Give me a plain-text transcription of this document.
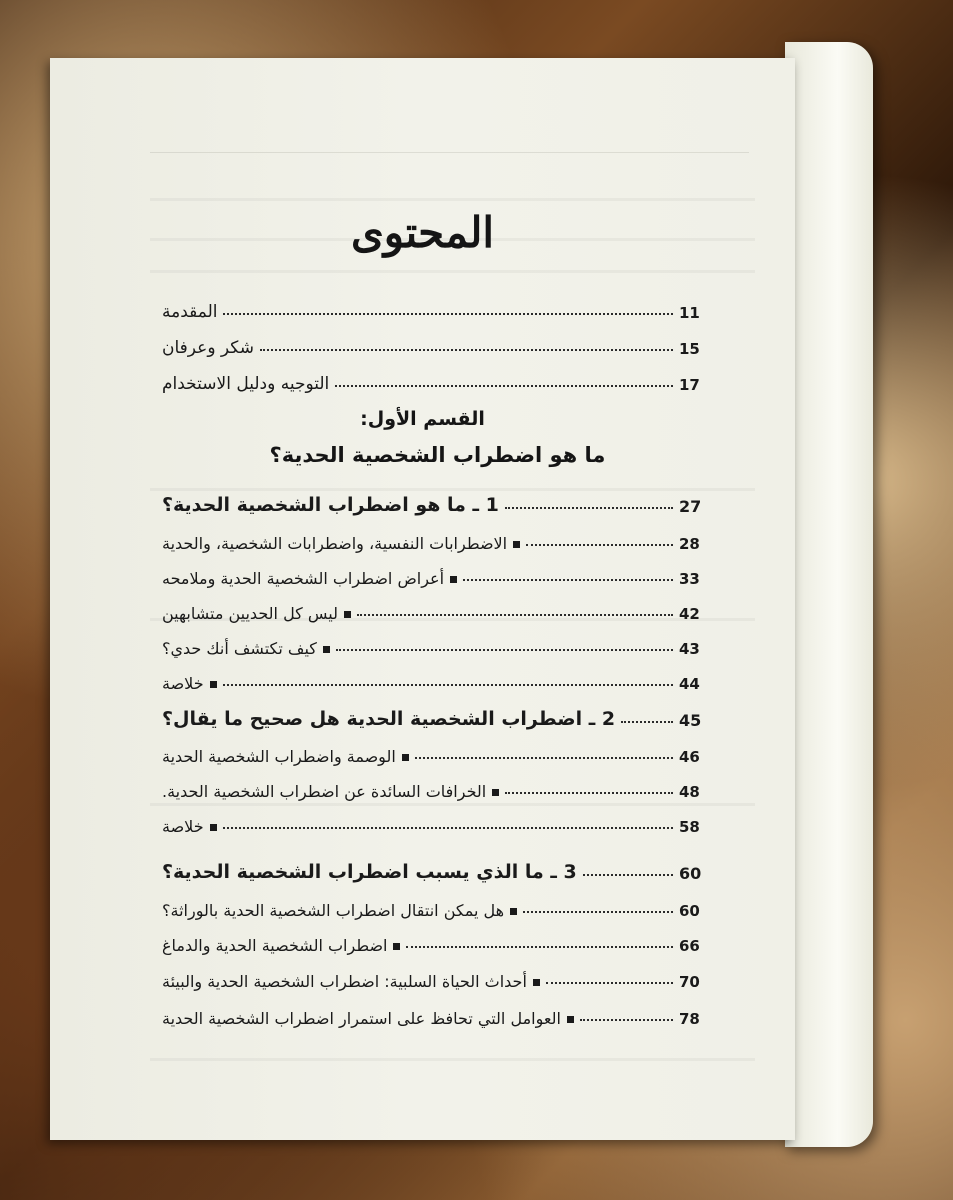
المحتوى
المقدمة	11
شكر وعرفان	15
التوجيه ودليل الاستخدام	17
القسم الأول:
ما هو اضطراب الشخصية الحدية؟
1 ـ ما هو اضطراب الشخصية الحدية؟	27
الاضطرابات النفسية، واضطرابات الشخصية، والحدية	28
أعراض اضطراب الشخصية الحدية وملامحه	33
ليس كل الحديين متشابهين	42
كيف تكتشف أنك حدي؟	43
خلاصة	44
2 ـ اضطراب الشخصية الحدية هل صحيح ما يقال؟	45
الوصمة واضطراب الشخصية الحدية	46
الخرافات السائدة عن اضطراب الشخصية الحدية.	48
خلاصة	58
3 ـ ما الذي يسبب اضطراب الشخصية الحدية؟	60
هل يمكن انتقال اضطراب الشخصية الحدية بالوراثة؟	60
اضطراب الشخصية الحدية والدماغ	66
أحداث الحياة السلبية: اضطراب الشخصية الحدية والبيئة	70
العوامل التي تحافظ على استمرار اضطراب الشخصية الحدية	78
